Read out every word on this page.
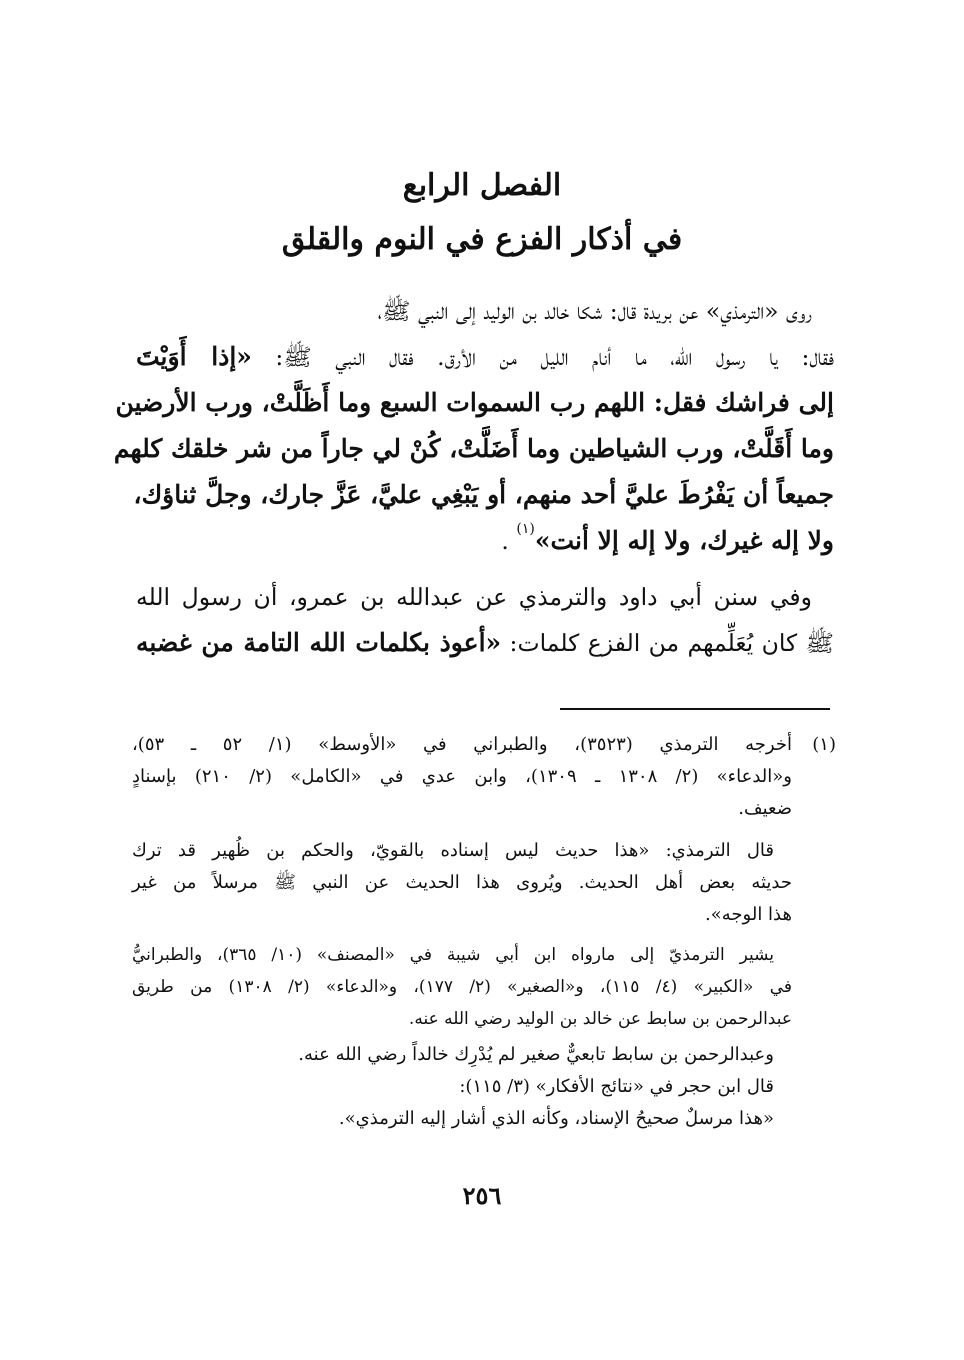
الفصل الرابع
في أذكار الفزع في النوم والقلق
روى «الترمذي» عن بريدة قال: شكا خالد بن الوليد إلى النبي ﷺ،
فقال: يا رسول الله، ما أنام الليل من الأرق. فقال النبي ﷺ: «إذا أَوَيْتَ
إلى فراشك فقل: اللهم رب السموات السبع وما أَظَلَّتْ، ورب الأرضين
وما أَقَلَّتْ، ورب الشياطين وما أَضَلَّتْ، كُنْ لي جاراً من شر خلقك كلهم
جميعاً أن يَفْرُطَ عليَّ أحد منهم، أو يَبْغِي عليَّ، عَزَّ جارك، وجلَّ ثناؤك،
ولا إله غيرك، ولا إله إلا أنت»$^{(١)}$ .
وفي سنن أبي داود والترمذي عن عبدالله بن عمرو، أن رسول الله
ﷺ كان يُعَلِّمهم من الفزع كلمات: «أعوذ بكلمات الله التامة من غضبه
(١)
أخرجه الترمذي (٣٥٢٣)، والطبراني في «الأوسط» (١/ ٥٢ ـ ٥٣)،
و«الدعاء» (٢/ ١٣٠٨ ـ ١٣٠٩)، وابن عدي في «الكامل» (٢/ ٢١٠) بإسنادٍ
ضعيف.
قال الترمذي: «هذا حديث ليس إسناده بالقويّ، والحكم بن ظُهير قد ترك
حديثه بعض أهل الحديث. ويُروى هذا الحديث عن النبي ﷺ مرسلاً من غير
هذا الوجه».
يشير الترمذيّ إلى مارواه ابن أبي شيبة في «المصنف» (١٠/ ٣٦٥)، والطبرانيُّ
في «الكبير» (٤/ ١١٥)، و«الصغير» (٢/ ١٧٧)، و«الدعاء» (٢/ ١٣٠٨) من طريق
عبدالرحمن بن سابط عن خالد بن الوليد رضي الله عنه.
وعبدالرحمن بن سابط تابعيٌّ صغير لم يُدْرِك خالداً رضي الله عنه.
قال ابن حجر في «نتائج الأفكار» (٣/ ١١٥):
«هذا مرسلٌ صحيحُ الإسناد، وكأنه الذي أشار إليه الترمذي».
٢٥٦
